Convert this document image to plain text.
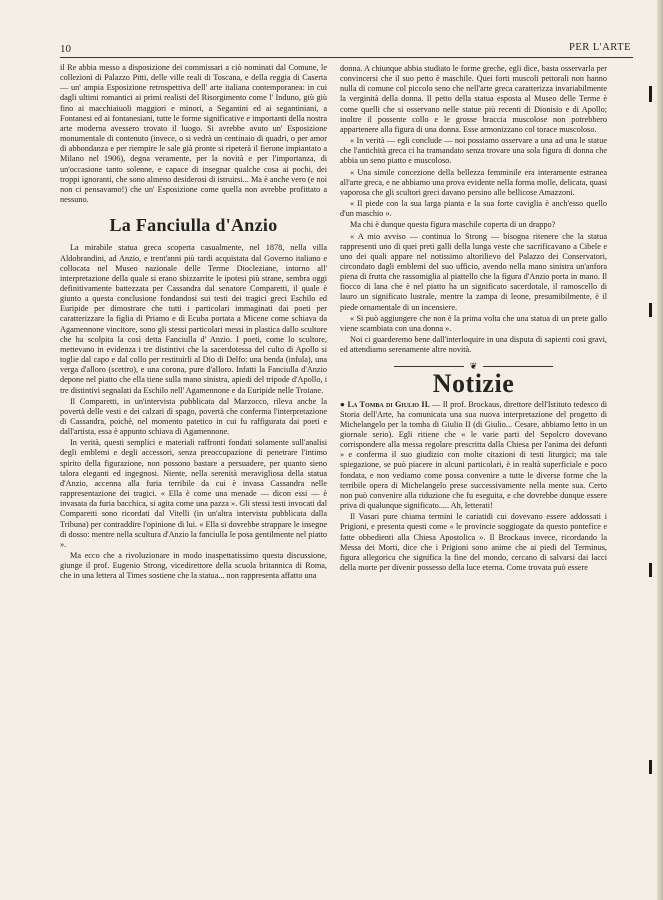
10	PER L'ARTE

il Re abbia messo a disposizione dei commissari a ciò nominati dal Comune, le collezioni di Palazzo Pitti, delle ville reali di Toscana, e della reggia di Caserta — un' ampia Esposizione retrospettiva dell' arte italiana contemporanea: in cui dagli ultimi romantici ai primi realisti del Risorgimento come l' Induno, giù giù fino ai macchiaiuoli maggiori e minori, a Segantini ed ai segantiniani, a Fontanesi ed ai fontanesiani, tutte le forme significative e importanti della nostra arte moderna avessero trovato il luogo. Si avrebbe avuto un' Esposizione monumentale di contenuto (invece, o si vedrà un centinaio di quadri, o per amor di abbondanza e per riempire le sale già pronte si ripeterà il fierone impiantato a Milano nel 1906), degna veramente, per la novità e per l'importanza, di un'occasione tanto solenne, e capace di insegnar qualche cosa ai pochi, dei troppi ignoranti, che sono almeno desiderosi di istruirsi... Ma è anche vero (e noi non ci pensavamo!) che un' Esposizione come quella non avrebbe profittato a nessuno.

La Fanciulla d'Anzio

La mirabile statua greca scoperta casualmente, nel 1878, nella villa Aldobrandini, ad Anzio, e trent'anni più tardi acquistata dal Governo italiano e collocata nel Museo nazionale delle Terme Diocleziane, intorno all' interpretazione della quale si erano sbizzarrite le ipotesi più strane, sembra oggi definitivamente battezzata per Cassandra dal senatore Comparetti, il quale è giunto a questa conclusione fondandosi sui testi dei tragici greci Eschilo ed Euripide per dimostrare che tutti i particolari immaginati dai poeti per caratterizzare la figlia di Priamo e di Ecuba portata a Micene come schiava da Agamennone vincitore, sono gli stessi particolari messi in plastica dallo scultore che ha scolpita la così detta Fanciulla d' Anzio. I poeti, come lo scultore, mettevano in evidenza i tre distintivi che la sacerdotessa del culto di Apollo si toglie dal capo e dal collo per restituirli al Dio di Delfo: una benda (infula), una verga d'alloro (scettro), e una corona, pure d'alloro. Infatti la Fanciulla d'Anzio depone nel piatto che ella tiene sulla mano sinistra, apiedi del tripode d'Apollo, i tre distintivi segnalati da Eschilo nell' Agamennone e da Euripide nelle Troiane.

Il Comparetti, in un'intervista pubblicata dal Marzocco, rileva anche la povertà delle vesti e dei calzari di spago, povertà che conferma l'interpretazione di Cassandra, poichè, nel momento patetico in cui fu raffigurata dai poeti e dall'artista, essa è appunto schiava di Agamennone.

In verità, questi semplici e materiali raffronti fondati solamente sull'analisi degli emblemi e degli accessori, senza preoccupazione di penetrare l'intimo spirito della figurazione, non possono bastare a persuadere, per quanto sieno talora eleganti ed ingegnosi. Niente, nella serenità meravigliosa della statua d'Anzio, accenna alla furia terribile da cui è invasa Cassandra nelle rappresentazione dei tragici. « Ella è come una menade — dicon essi — è invasata da furia bacchica, si agita come una pazza ». Gli stessi testi invocati dal Comparetti sono ricordati dal Vitelli (in un'altra intervista pubblicata dalla Tribuna) per contraddire l'opinione di lui. « Ella si dovrebbe strappare le insegne di dosso: mentre nella scultura d'Anzio la fanciulla le posa gentilmente nel piatto ».

Ma ecco che a rivoluzionare in modo inaspettatissimo questa discussione, giunge il prof. Eugenio Strong, vicedirettore della scuola britannica di Roma, che in una lettera al Times sostiene che la statua... non rappresenta affatto una

donna. A chiunque abbia studiato le forme greche, egli dice, basta osservarla per convincersi che il suo petto è maschile. Quei forti muscoli pettorali non hanno nulla di comune col piccolo seno che nell'arte greca caratterizza invariabilmente la verginità della donna. Il petto della statua esposta al Museo delle Terme è come quelli che si osservano nelle statue più recenti di Dionisio e di Apollo; inoltre il possente collo e le grosse braccia muscolose non potrebbero appartenere alla figura di una donna. Esse armonizzano col torace muscoloso.

« In verità — egli conclude — noi possiamo osservare a una ad una le statue che l'antichità greca ci ha tramandato senza trovare una sola figura di donna che abbia un seno piatto e muscoloso.

« Una simile concezione della bellezza femminile era interamente estranea all'arte greca, e ne abbiamo una prova evidente nella forma molle, delicata, quasi vaporosa che gli scultori greci davano persino alle bellicose Amazzoni.

« Il piede con la sua larga pianta e la sua forte caviglia è anch'esso quello d'un maschio ».

Ma chi è dunque questa figura maschile coperta di un drappo?

« A mio avviso — continua lo Strong — bisogna ritenere che la statua rappresenti uno di quei preti galli della lunga veste che sacrificavano a Cibele e uno dei quali appare nel notissimo altorilievo del Palazzo dei Conservatori, circondato dagli emblemi del suo ufficio, avendo nella mano sinistra un'anfora piena di frutta che rassomiglia al piattello che la figura d'Anzio porta in mano. Il fiocco di lana che è nel piatto ha un significato sacerdotale, il ramoscello di lauro un significato lustrale, mentre la zampa di leone, presumibilmente, è il piede ornamentale di un incensiere.

« Si può aggiungere che non è la prima volta che una statua di un prete gallo viene scambiata con una donna ».

Noi ci guarderemo bene dall'interloquire in una disputa di sapienti così gravi, ed attendiamo serenamente altre novità.

❦
Notizie

● La Tomba di Giulio II. — Il prof. Brockaus, direttore dell'Istituto tedesco di Storia dell'Arte, ha comunicata una sua nuova interpretazione del progetto di Michelangelo per la tomba di Giulio II (di Giulio... Cesare, abbiamo letto in un giornale serio). Egli ritiene che « le varie parti del Sepolcro dovevano corrispondere alla messa regolare prescritta dalla Chiesa per l'anima dei defunti » e conferma il suo giudizio con molte citazioni di testi liturgici; ma tale spiegazione, se può piacere in alcuni particolari, è in realtà superficiale e poco fondata, e non vediamo come possa convenire a tutte le diverse forme che la terribile opera di Michelangelo prese successivamente nella mente sua. Certo non può convenire alla riduzione che fu eseguita, e che dovrebbe dunque essere priva di qualunque significato..... Ah, letterati!

Il Vasari pure chiama termini le cariatidi cui dovevano essere addossati i Prigioni, e presenta questi come « le provincie soggiogate da questo pontefice e fatte obbedienti alla Chiesa Apostolica ». Il Brockaus invece, ricordando la Messa dei Morti, dice che i Prigioni sono anime che ai piedi del Terminus, figura allegorica che significa la fine del mondo, cercano di salvarsi dai lacci della morte per divenir possesso della luce eterna. Come trovata può essere
